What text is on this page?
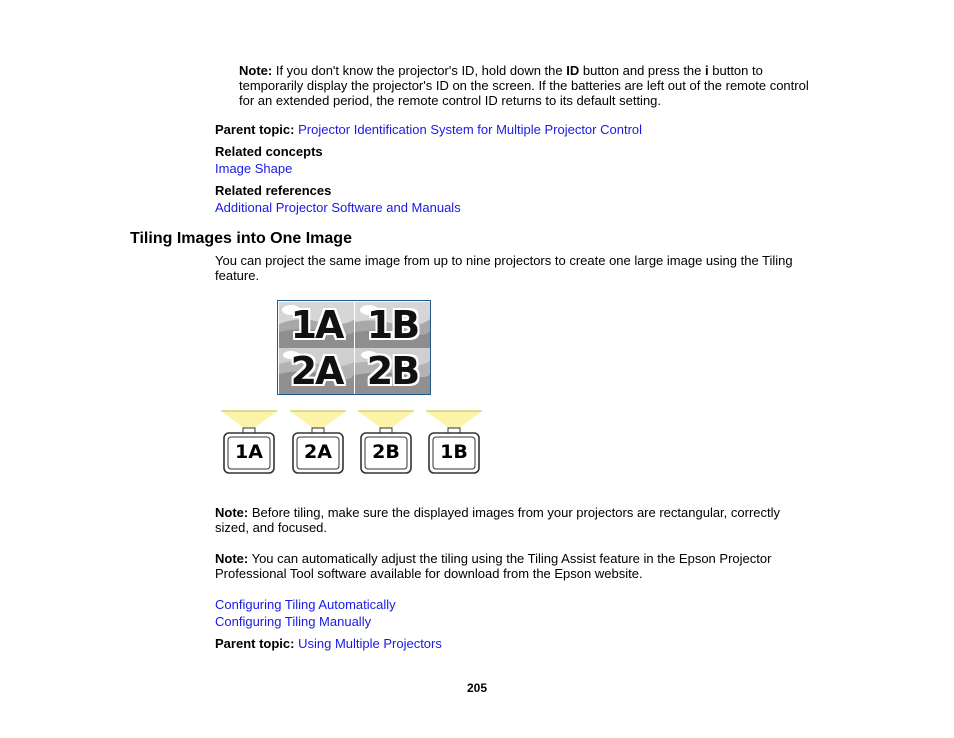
Note: If you don't know the projector's ID, hold down the ID button and press the i button to
temporarily display the projector's ID on the screen. If the batteries are left out of the remote control
for an extended period, the remote control ID returns to its default setting.
Parent topic: Projector Identification System for Multiple Projector Control
Related concepts
Image Shape
Related references
Additional Projector Software and Manuals
Tiling Images into One Image
You can project the same image from up to nine projectors to create one large image using the Tiling
feature.
1A 1B
2A 2B
1A	2A	2B	1B
Note: Before tiling, make sure the displayed images from your projectors are rectangular, correctly
sized, and focused.
Note: You can automatically adjust the tiling using the Tiling Assist feature in the Epson Projector
Professional Tool software available for download from the Epson website.
Configuring Tiling Automatically
Configuring Tiling Manually
Parent topic: Using Multiple Projectors
205
